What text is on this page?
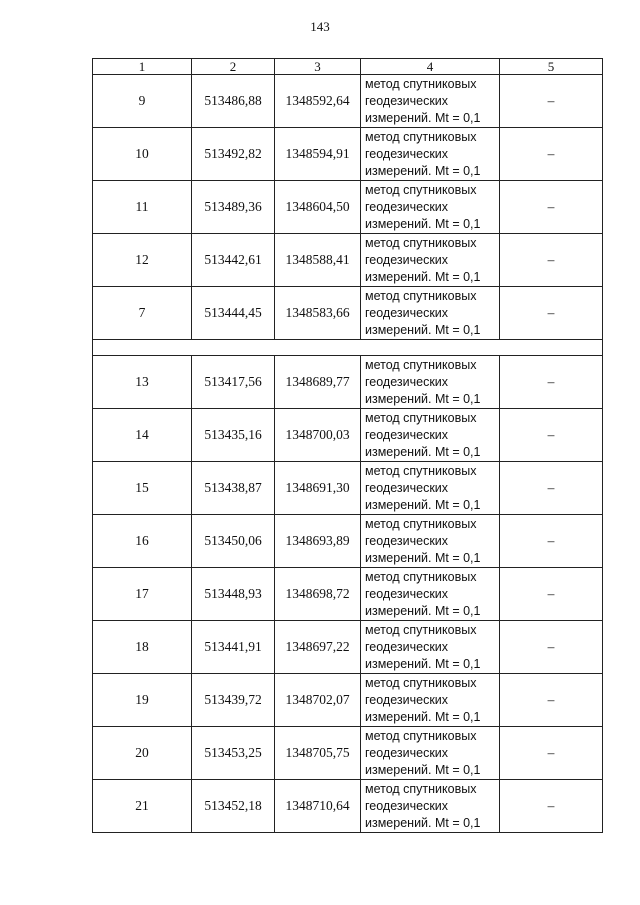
143
1	2	3	4	5
9	513486,88	1348592,64	метод спутниковых
геодезических
измерений. Mt = 0,1	–
10	513492,82	1348594,91	метод спутниковых
геодезических
измерений. Mt = 0,1	–
11	513489,36	1348604,50	метод спутниковых
геодезических
измерений. Mt = 0,1	–
12	513442,61	1348588,41	метод спутниковых
геодезических
измерений. Mt = 0,1	–
7	513444,45	1348583,66	метод спутниковых
геодезических
измерений. Mt = 0,1	–

13	513417,56	1348689,77	метод спутниковых
геодезических
измерений. Mt = 0,1	–
14	513435,16	1348700,03	метод спутниковых
геодезических
измерений. Mt = 0,1	–
15	513438,87	1348691,30	метод спутниковых
геодезических
измерений. Mt = 0,1	–
16	513450,06	1348693,89	метод спутниковых
геодезических
измерений. Mt = 0,1	–
17	513448,93	1348698,72	метод спутниковых
геодезических
измерений. Mt = 0,1	–
18	513441,91	1348697,22	метод спутниковых
геодезических
измерений. Mt = 0,1	–
19	513439,72	1348702,07	метод спутниковых
геодезических
измерений. Mt = 0,1	–
20	513453,25	1348705,75	метод спутниковых
геодезических
измерений. Mt = 0,1	–
21	513452,18	1348710,64	метод спутниковых
геодезических
измерений. Mt = 0,1	–
